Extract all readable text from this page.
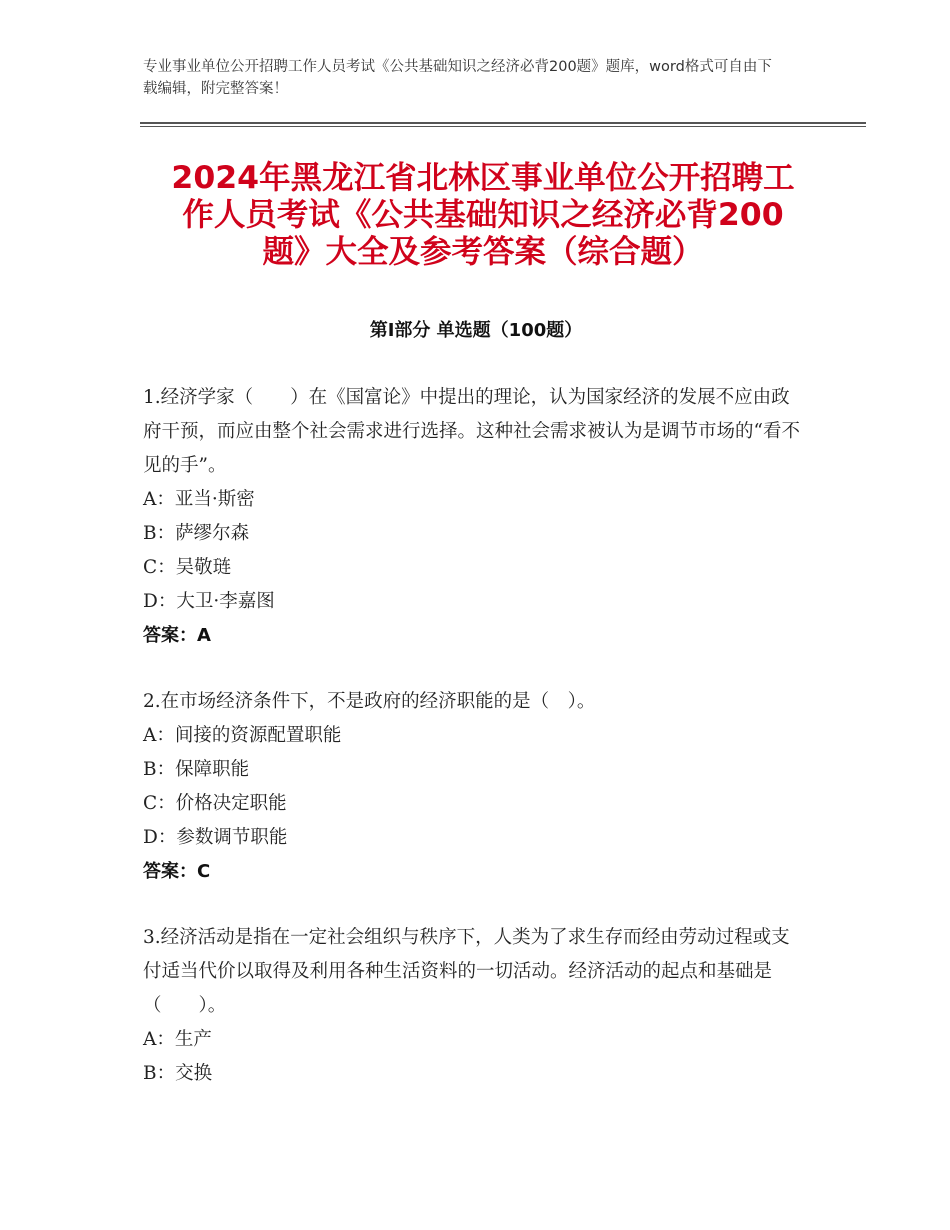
专业事业单位公开招聘工作人员考试《公共基础知识之经济必背200题》题库，word格式可自由下载编辑，附完整答案！
2024年黑龙江省北林区事业单位公开招聘工
作人员考试《公共基础知识之经济必背200
题》大全及参考答案（综合题）
第Ⅰ部分 单选题（100题）
1.经济学家（　　）在《国富论》中提出的理论，认为国家经济的发展不应由政府干预，而应由整个社会需求进行选择。这种社会需求被认为是调节市场的“看不见的手”。
A：亚当·斯密
B：萨缪尔森
C：吴敬琏
D：大卫·李嘉图
答案：A
2.在市场经济条件下，不是政府的经济职能的是（　）。
A：间接的资源配置职能
B：保障职能
C：价格决定职能
D：参数调节职能
答案：C
3.经济活动是指在一定社会组织与秩序下，人类为了求生存而经由劳动过程或支付适当代价以取得及利用各种生活资料的一切活动。经济活动的起点和基础是（　　）。
A：生产
B：交换
